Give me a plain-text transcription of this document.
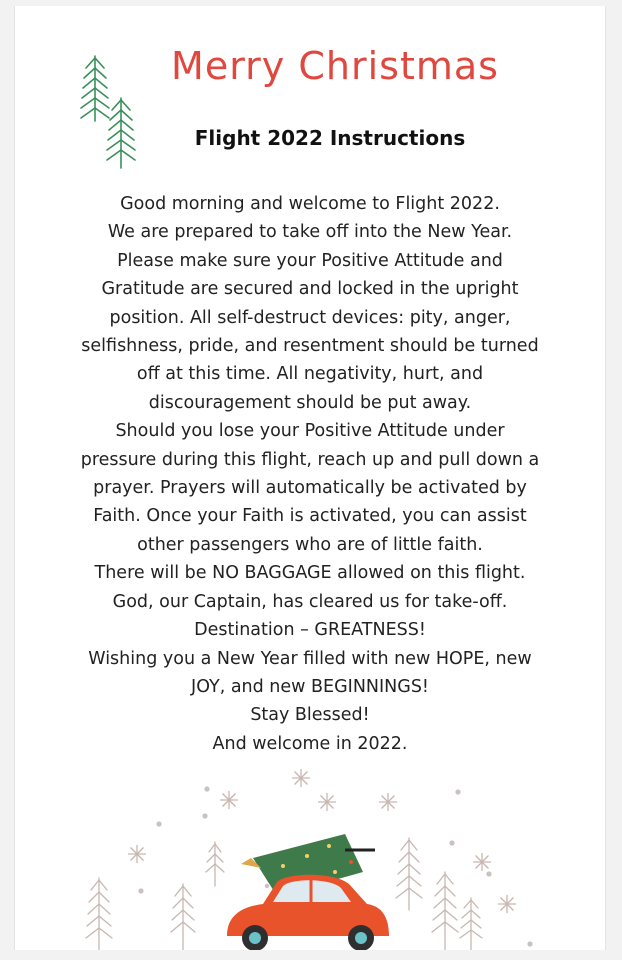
Merry Christmas
Flight 2022 Instructions
Good morning and welcome to Flight 2022.
We are prepared to take off into the New Year.
Please make sure your Positive Attitude and
Gratitude are secured and locked in the upright
position. All self-destruct devices: pity, anger,
selfishness, pride, and resentment should be turned
off at this time. All negativity, hurt, and
discouragement should be put away.
Should you lose your Positive Attitude under
pressure during this flight, reach up and pull down a
prayer. Prayers will automatically be activated by
Faith. Once your Faith is activated, you can assist
other passengers who are of little faith.
There will be NO BAGGAGE allowed on this flight.
God, our Captain, has cleared us for take-off.
Destination – GREATNESS!
Wishing you a New Year filled with new HOPE, new
JOY, and new BEGINNINGS!
Stay Blessed!
And welcome in 2022.
